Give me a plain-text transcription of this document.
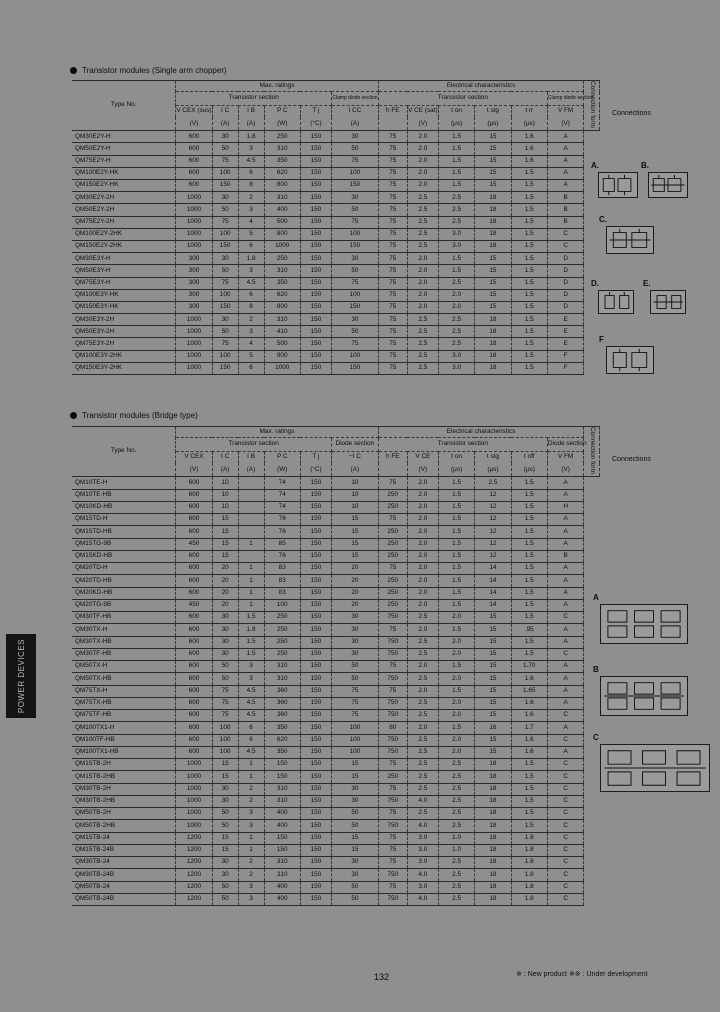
Transistor modules (Single arm chopper)
Type No.	Max. ratings						Electrical characteristics						Connection form
	Transistor section					Clamp diode section	Transistor section					Clamp diode section	
	V CEX (sus)	I C	I B	P C	T j	I CC	h FE	V CE (sat)	t on	t stg	t rr	V FM	
	(V)	(A)	(A)	(W)	(°C)	(A)		(V)	(μs)	(μs)	(μs)	(V)	
QM30E2Y-H	600	30	1.8	250	150	30	75	2.0	1.5	15	1.6	A	
QM50E2Y-H	600	50	3	310	150	50	75	2.0	1.5	15	1.6	A	
QM75E2Y-H	600	75	4.5	350	150	75	75	2.0	1.5	15	1.6	A	
QM100E2Y-HK	600	100	6	620	150	100	75	2.0	1.5	15	1.5	A	
QM150E2Y-HK	600	150	8	800	150	150	75	2.0	1.5	15	1.5	A	
QM30E2Y-2H	1000	30	2	310	150	30	75	2.5	2.5	18	1.5	B	
QM50E2Y-2H	1000	50	3	400	150	50	75	2.5	2.5	18	1.5	B	
QM75E2Y-2H	1000	75	4	500	150	75	75	2.5	2.5	18	1.5	B	
QM100E2Y-2HK	1000	100	5	800	150	100	75	2.5	3.0	18	1.5	C	
QM150E2Y-2HK	1000	150	6	1000	150	150	75	2.5	3.0	18	1.5	C	
QM30E3Y-H	300	30	1.8	250	150	30	75	2.0	1.5	15	1.5	D	
QM50E3Y-H	300	50	3	310	150	50	75	2.0	1.5	15	1.5	D	
QM75E3Y-H	300	75	4.5	350	150	75	75	2.0	2.5	15	1.5	D	
QM100E3Y-HK	300	100	6	620	150	100	75	2.0	2.0	15	1.5	D	
QM150E3Y-HK	300	150	8	800	150	150	75	2.0	2.0	15	1.5	D	
QM30E3Y-2H	1000	30	2	310	150	30	75	2.5	2.5	18	1.5	E	
QM50E3Y-2H	1000	50	3	410	150	50	75	2.5	2.5	18	1.5	E	
QM75E3Y-2H	1000	75	4	500	150	75	75	2.5	2.5	18	1.5	E	
QM100E3Y-2HK	1000	100	5	900	150	100	75	2.5	3.0	18	1.5	F	
QM150E3Y-2HK	1000	150	6	1000	150	150	75	2.5	3.0	18	1.5	F	
Connections
A.	B.
C.
D.	E.
F
Transistor modules (Bridge type)
Type No.	Max. ratings						Electrical characteristics						Connection form
	Transistor section					Diode section	Transistor section					Diode section	
	V CEX	I C	I B	P C	T j	−I C	h FE	V CE	t on	t stg	t off	V FM	
	(V)	(A)	(A)	(W)	(°C)	(A)		(V)	(μs)	(μs)	(μs)	(V)	
QM10TE-H	600	10		74	150	10	75	2.0	1.5	2.5	1.5	A	
QM10TE-HB	600	10		74	150	10	250	2.0	1.5	12	1.5	A	
QM10KD-HB	600	10		74	150	10	250	2.0	1.5	12	1.5	H	
QM15TD-H	600	15		76	150	15	75	2.0	1.5	12	1.5	A	
QM15TD-HB	600	15		76	150	15	250	2.0	1.5	12	1.5	A	
QM15TG-9B	450	15	1	85	150	15	250	2.0	1.5	12	1.5	A	
QM15KD-HB	600	15		76	150	15	250	2.0	1.5	12	1.5	B	
QM20TD-H	600	20	1	83	150	20	75	2.0	1.5	14	1.5	A	
QM20TD-HB	600	20	1	83	150	20	250	2.0	1.5	14	1.5	A	
QM20KD-HB	600	20	1	83	150	20	250	2.0	1.5	14	1.5	A	
QM20TG-9B	450	20	1	100	150	20	250	2.0	1.5	14	1.5	A	
QM30TF-HB	600	30	1.5	250	150	30	750	2.5	2.0	15	1.5	C	
QM30TX-H	600	30	1.8	250	150	30	75	2.0	1.5	15	.95	A	
QM30TX-HB	600	30	1.5	250	150	30	750	2.5	2.0	15	1.5	A	
QM30TF-HB	600	30	1.5	250	150	30	750	2.5	2.0	15	1.5	C	
QM50TX-H	600	50	3	310	150	50	75	2.0	1.5	15	1.70	A	
QM50TX-HB	600	50	3	310	150	50	750	2.5	2.0	15	1.6	A	
QM75TX-H	600	75	4.5	360	150	75	75	2.0	1.5	15	1.65	A	
QM75TX-HB	600	75	4.5	360	150	75	750	2.5	2.0	15	1.6	A	
QM75TF-HB	600	75	4.5	360	150	75	750	2.5	2.0	15	1.6	C	
QM100TX1-H	600	100	6	350	150	100	80	2.0	1.5	16	1.7	A	
QM100TF-HB	600	100	6	620	150	100	750	2.5	2.0	15	1.6	C	
QM100TX1-HB	600	100	4.5	350	150	100	750	2.5	2.0	15	1.6	A	
QM15TB-2H	1000	15	1	150	150	15	75	2.5	2.5	18	1.5	C	
QM15TB-2HB	1000	15	1	150	150	15	250	2.5	2.5	18	1.5	C	
QM30TB-2H	1000	30	2	310	150	30	75	2.5	2.5	18	1.5	C	
QM30TB-2HB	1000	30	2	310	150	30	750	4.0	2.5	18	1.5	C	
QM50TB-2H	1000	50	3	400	150	50	75	2.5	2.5	18	1.5	C	
QM50TB-2HB	1000	50	3	400	150	50	750	4.0	2.5	18	1.5	C	
QM15TB-24	1200	15	1	150	150	15	75	3.0	1.0	18	1.8	C	
QM15TB-24B	1200	15	1	150	150	15	75	3.0	1.0	18	1.8	C	
QM30TB-24	1200	30	2	310	150	30	75	3.0	2.5	18	1.8	C	
QM30TB-24B	1200	30	2	310	150	30	750	4.0	2.5	18	1.8	C	
QM50TB-24	1200	50	3	400	150	50	75	3.0	2.5	18	1.8	C	
QM50TB-24B	1200	50	3	400	150	50	750	4.0	2.5	18	1.8	C	
Connections
A
B
C
POWER DEVICES
132	※ : New product ※※ : Under development
